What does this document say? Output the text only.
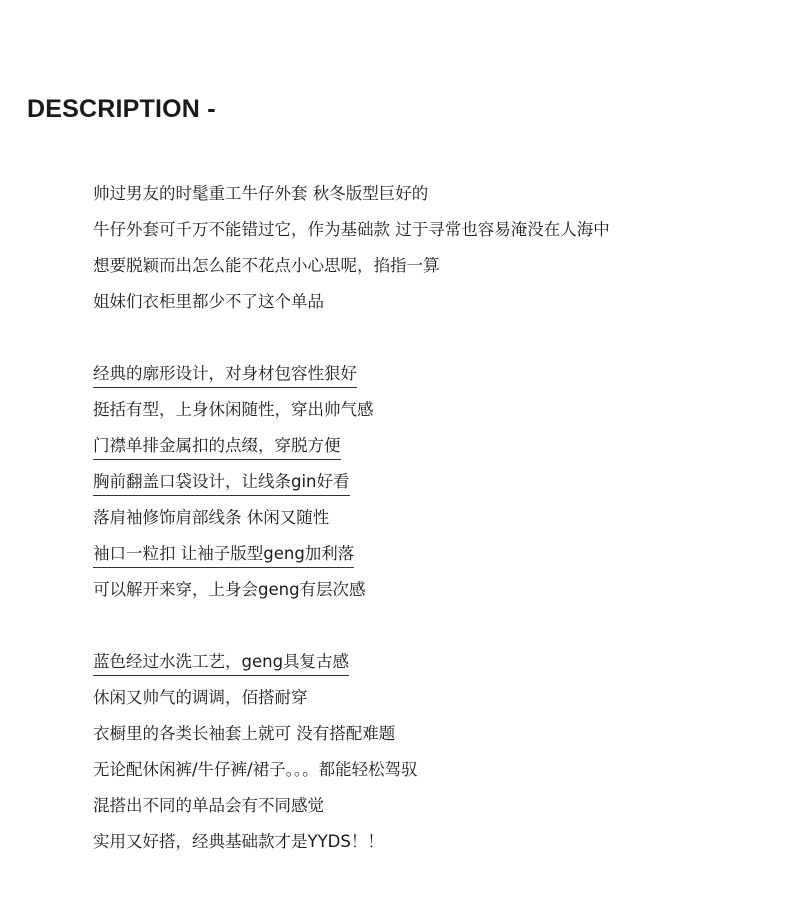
DESCRIPTION -
帅过男友的时髦重工牛仔外套 秋冬版型巨好的
牛仔外套可千万不能错过它，作为基础款 过于寻常也容易淹没在人海中
想要脱颖而出怎么能不花点小心思呢，掐指一算
姐妹们衣柜里都少不了这个单品
经典的廓形设计，对身材包容性狠好
挺括有型，上身休闲随性，穿出帅气感
门襟单排金属扣的点缀，穿脱方便
胸前翻盖口袋设计，让线条gin好看
落肩袖修饰肩部线条 休闲又随性
袖口一粒扣 让袖子版型geng加利落
可以解开来穿，上身会geng有层次感
蓝色经过水洗工艺，geng具复古感
休闲又帅气的调调，佰搭耐穿
衣橱里的各类长袖套上就可 没有搭配难题
无论配休闲裤/牛仔裤/裙子。。。都能轻松驾驭
混搭出不同的单品会有不同感觉
实用又好搭，经典基础款才是YYDS！！
